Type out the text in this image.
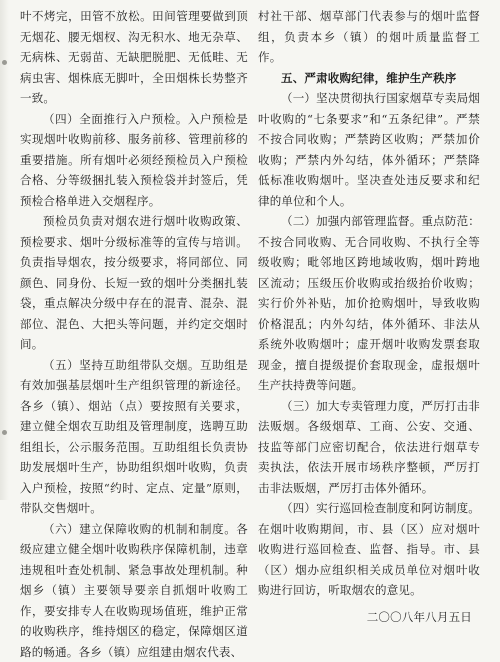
叶不烤完，田管不放松。田间管理要做到顶无烟花、腰无烟杈、沟无积水、地无杂草、无病株、无弱苗、无缺肥脱肥、无低畦、无病虫害、烟株底无脚叶，全田烟株长势整齐一致。

（四）全面推行入户预检。入户预检是实现烟叶收购前移、服务前移、管理前移的重要措施。所有烟叶必须经预检员入户预检合格、分等级捆扎装入预检袋并封签后，凭预检合格单进入交烟程序。

预检员负责对烟农进行烟叶收购政策、预检要求、烟叶分级标准等的宣传与培训。负责指导烟农，按分级要求，将同部位、同颜色、同身份、长短一致的烟叶分类捆扎装袋，重点解决分级中存在的混青、混杂、混部位、混色、大把头等问题，并约定交烟时间。

（五）坚持互助组带队交烟。互助组是有效加强基层烟叶生产组织管理的新途径。各乡（镇）、烟站（点）要按照有关要求，建立健全烟农互助组及管理制度，选聘互助组组长，公示服务范围。互助组组长负责协助发展烟叶生产，协助组织烟叶收购，负责入户预检，按照“约时、定点、定量”原则，带队交售烟叶。

（六）建立保障收购的机制和制度。各级应建立健全烟叶收购秩序保障机制，违章违规租叶查处机制、紧急事故处理机制。种烟乡（镇）主要领导要亲自抓烟叶收购工作，要安排专人在收购现场值班，维护正常的收购秩序，维持烟区的稳定，保障烟区道路的畅通。各乡（镇）应组建由烟农代表、

村社干部、烟草部门代表参与的烟叶监督组，负责本乡（镇）的烟叶质量监督工作。

五、严肃收购纪律，维护生产秩序

（一）坚决贯彻执行国家烟草专卖局烟叶收购的“七条要求”和“五条纪律”。严禁不按合同收购；严禁跨区收购；严禁加价收购；严禁内外勾结，体外循环；严禁降低标准收购烟叶。坚决查处违反要求和纪律的单位和个人。

（二）加强内部管理监督。重点防范：不按合同收购、无合同收购、不执行全等级收购；毗邻地区跨地域收购，烟叶跨地区流动；压级压价收购或抬级抬价收购；实行价外补贴，加价抢购烟叶，导致收购价格混乱；内外勾结，体外循环、非法从系统外收购烟叶；虚开烟叶收购发票套取现金，擅自提级提价套取现金，虚报烟叶生产扶持费等问题。

（三）加大专卖管理力度，严厉打击非法贩烟。各级烟草、工商、公安、交通、技监等部门应密切配合，依法进行烟草专卖执法，依法开展市场秩序整顿，严厉打击非法贩烟，严厉打击体外循环。

（四）实行巡回检查制度和阿访制度。在烟叶收购期间，市、县（区）应对烟叶收购进行巡回检查、监督、指导。市、县（区）烟办应组织相关成员单位对烟叶收购进行回访，听取烟农的意见。

二〇〇八年八月五日
